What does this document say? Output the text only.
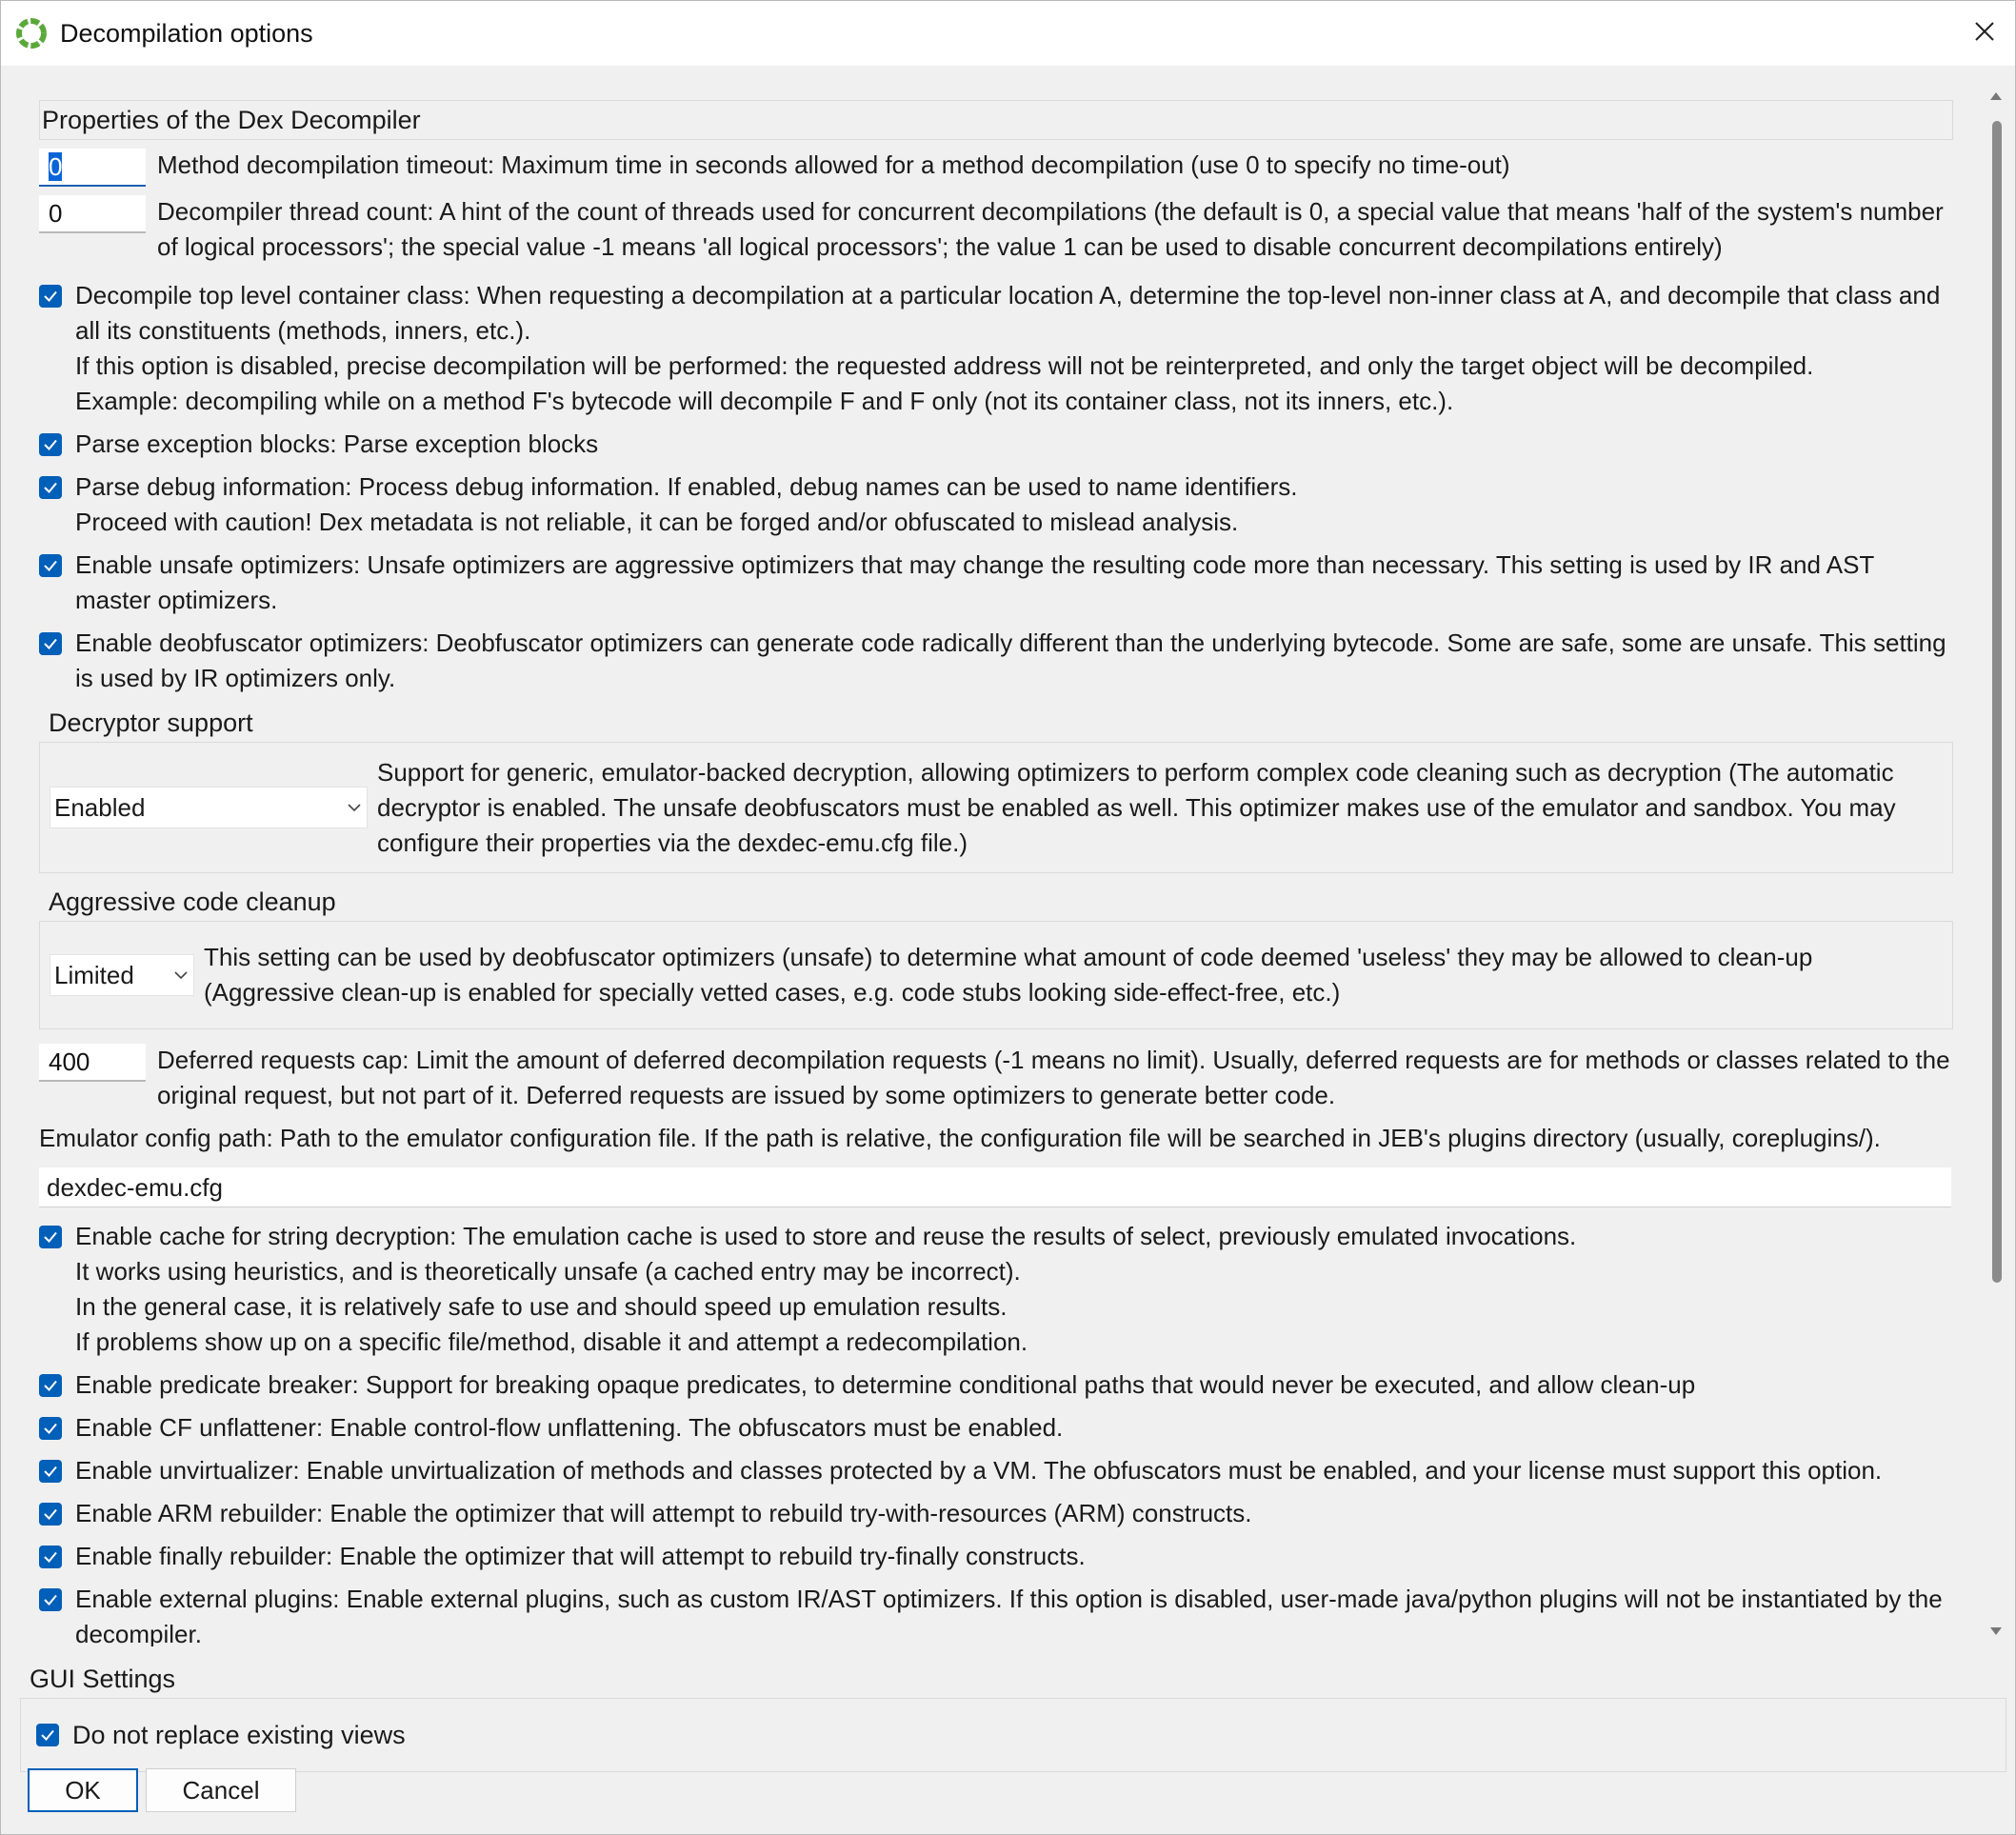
Decompilation options
Properties of the Dex Decompiler
0	Method decompilation timeout: Maximum time in seconds allowed for a method decompilation (use 0 to specify no time-out)
0	Decompiler thread count: A hint of the count of threads used for concurrent decompilations (the default is 0, a special value that means 'half of the system's number of logical processors'; the special value -1 means 'all logical processors'; the value 1 can be used to disable concurrent decompilations entirely)
Decompile top level container class: When requesting a decompilation at a particular location A, determine the top-level non-inner class at A, and decompile that class and all its constituents (methods, inners, etc.).
If this option is disabled, precise decompilation will be performed: the requested address will not be reinterpreted, and only the target object will be decompiled.
Example: decompiling while on a method F's bytecode will decompile F and F only (not its container class, not its inners, etc.).
Parse exception blocks: Parse exception blocks
Parse debug information: Process debug information. If enabled, debug names can be used to name identifiers.
Proceed with caution! Dex metadata is not reliable, it can be forged and/or obfuscated to mislead analysis.
Enable unsafe optimizers: Unsafe optimizers are aggressive optimizers that may change the resulting code more than necessary. This setting is used by IR and AST master optimizers.
Enable deobfuscator optimizers: Deobfuscator optimizers can generate code radically different than the underlying bytecode. Some are safe, some are unsafe. This setting is used by IR optimizers only.
Decryptor support
Enabled
Support for generic, emulator-backed decryption, allowing optimizers to perform complex code cleaning such as decryption (The automatic decryptor is enabled. The unsafe deobfuscators must be enabled as well. This optimizer makes use of the emulator and sandbox. You may configure their properties via the dexdec-emu.cfg file.)
Aggressive code cleanup
Limited
This setting can be used by deobfuscator optimizers (unsafe) to determine what amount of code deemed 'useless' they may be allowed to clean-up (Aggressive clean-up is enabled for specially vetted cases, e.g. code stubs looking side-effect-free, etc.)
400	Deferred requests cap: Limit the amount of deferred decompilation requests (-1 means no limit). Usually, deferred requests are for methods or classes related to the original request, but not part of it. Deferred requests are issued by some optimizers to generate better code.
Emulator config path: Path to the emulator configuration file. If the path is relative, the configuration file will be searched in JEB's plugins directory (usually, coreplugins/).
dexdec-emu.cfg
Enable cache for string decryption: The emulation cache is used to store and reuse the results of select, previously emulated invocations.
It works using heuristics, and is theoretically unsafe (a cached entry may be incorrect).
In the general case, it is relatively safe to use and should speed up emulation results.
If problems show up on a specific file/method, disable it and attempt a redecompilation.
Enable predicate breaker: Support for breaking opaque predicates, to determine conditional paths that would never be executed, and allow clean-up
Enable CF unflattener: Enable control-flow unflattening. The obfuscators must be enabled.
Enable unvirtualizer: Enable unvirtualization of methods and classes protected by a VM. The obfuscators must be enabled, and your license must support this option.
Enable ARM rebuilder: Enable the optimizer that will attempt to rebuild try-with-resources (ARM) constructs.
Enable finally rebuilder: Enable the optimizer that will attempt to rebuild try-finally constructs.
Enable external plugins: Enable external plugins, such as custom IR/AST optimizers. If this option is disabled, user-made java/python plugins will not be instantiated by the decompiler.
GUI Settings
Do not replace existing views
OK	Cancel
